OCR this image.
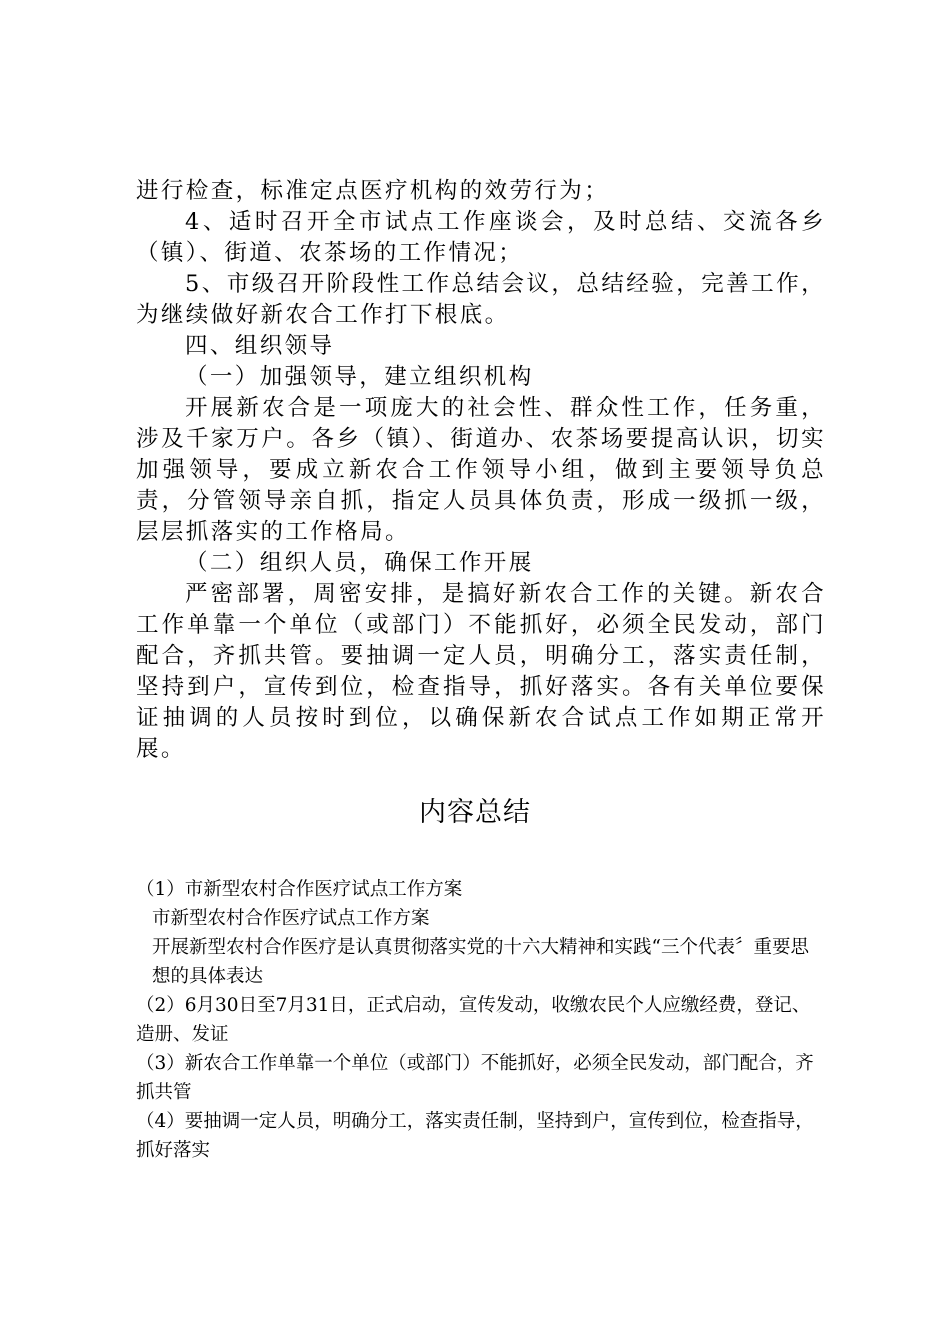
进行检查，标准定点医疗机构的效劳行为；

4、适时召开全市试点工作座谈会，及时总结、交流各乡（镇）、街道、农茶场的工作情况；

5、市级召开阶段性工作总结会议，总结经验，完善工作，为继续做好新农合工作打下根底。

四、组织领导

（一）加强领导，建立组织机构

开展新农合是一项庞大的社会性、群众性工作，任务重，涉及千家万户。各乡（镇）、街道办、农茶场要提高认识，切实加强领导，要成立新农合工作领导小组，做到主要领导负总责，分管领导亲自抓，指定人员具体负责，形成一级抓一级，层层抓落实的工作格局。

（二）组织人员，确保工作开展

严密部署，周密安排，是搞好新农合工作的关键。新农合工作单靠一个单位（或部门）不能抓好，必须全民发动，部门配合，齐抓共管。要抽调一定人员，明确分工，落实责任制，坚持到户，宣传到位，检查指导，抓好落实。各有关单位要保证抽调的人员按时到位，以确保新农合试点工作如期正常开展。

内容总结

（1）市新型农村合作医疗试点工作方案

市新型农村合作医疗试点工作方案

开展新型农村合作医疗是认真贯彻落实党的十六大精神和实践“三个代表〞重要思想的具体表达

（2）6月30日至7月31日，正式启动，宣传发动，收缴农民个人应缴经费，登记、造册、发证

（3）新农合工作单靠一个单位（或部门）不能抓好，必须全民发动，部门配合，齐抓共管

（4）要抽调一定人员，明确分工，落实责任制，坚持到户，宣传到位，检查指导，抓好落实
